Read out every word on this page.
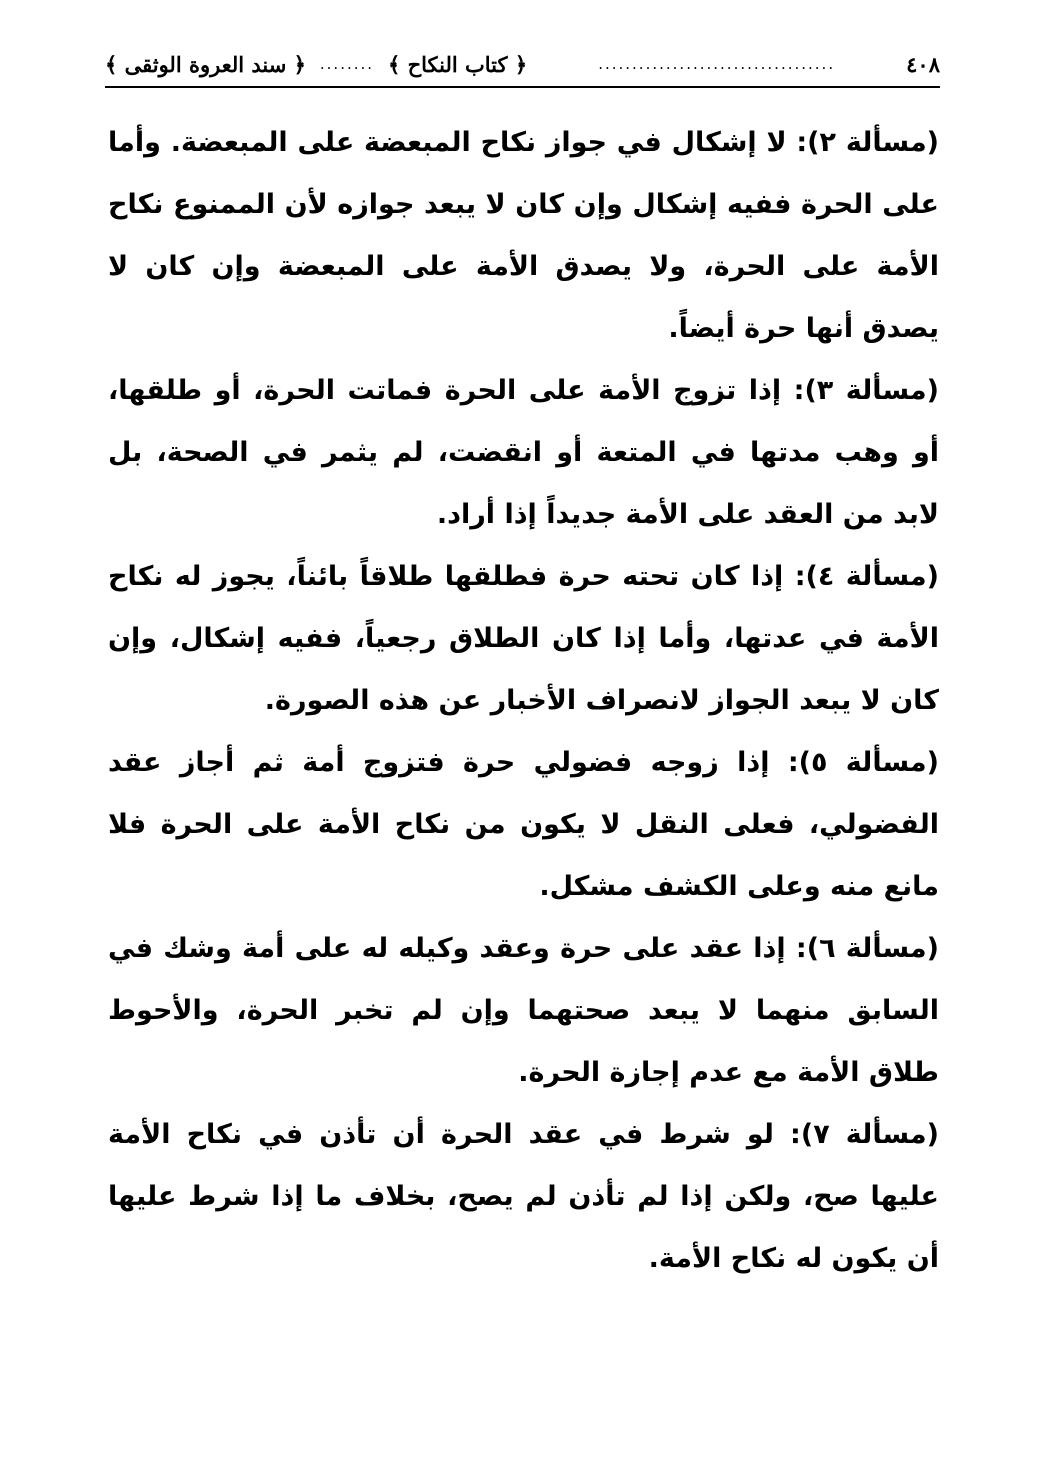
٤٠٨
...................................
﴿ كتاب النكاح ﴾
........
﴿ سند العروة الوثقى ﴾

(مسألة ٢): لا إشكال في جواز نكاح المبعضة على المبعضة. وأما على الحرة ففيه إشكال وإن كان لا يبعد جوازه لأن الممنوع نكاح الأمة على الحرة، ولا يصدق الأمة على المبعضة وإن كان لا يصدق أنها حرة أيضاً.

(مسألة ٣): إذا تزوج الأمة على الحرة فماتت الحرة، أو طلقها، أو وهب مدتها في المتعة أو انقضت، لم يثمر في الصحة، بل لابد من العقد على الأمة جديداً إذا أراد.

(مسألة ٤): إذا كان تحته حرة فطلقها طلاقاً بائناً، يجوز له نكاح الأمة في عدتها، وأما إذا كان الطلاق رجعياً، ففيه إشكال، وإن كان لا يبعد الجواز لانصراف الأخبار عن هذه الصورة.

(مسألة ٥): إذا زوجه فضولي حرة فتزوج أمة ثم أجاز عقد الفضولي، فعلى النقل لا يكون من نكاح الأمة على الحرة فلا مانع منه وعلى الكشف مشكل.

(مسألة ٦): إذا عقد على حرة وعقد وكيله له على أمة وشك في السابق منهما لا يبعد صحتهما وإن لم تخبر الحرة، والأحوط طلاق الأمة مع عدم إجازة الحرة.

(مسألة ٧): لو شرط في عقد الحرة أن تأذن في نكاح الأمة عليها صح، ولكن إذا لم تأذن لم يصح، بخلاف ما إذا شرط عليها أن يكون له نكاح الأمة.
